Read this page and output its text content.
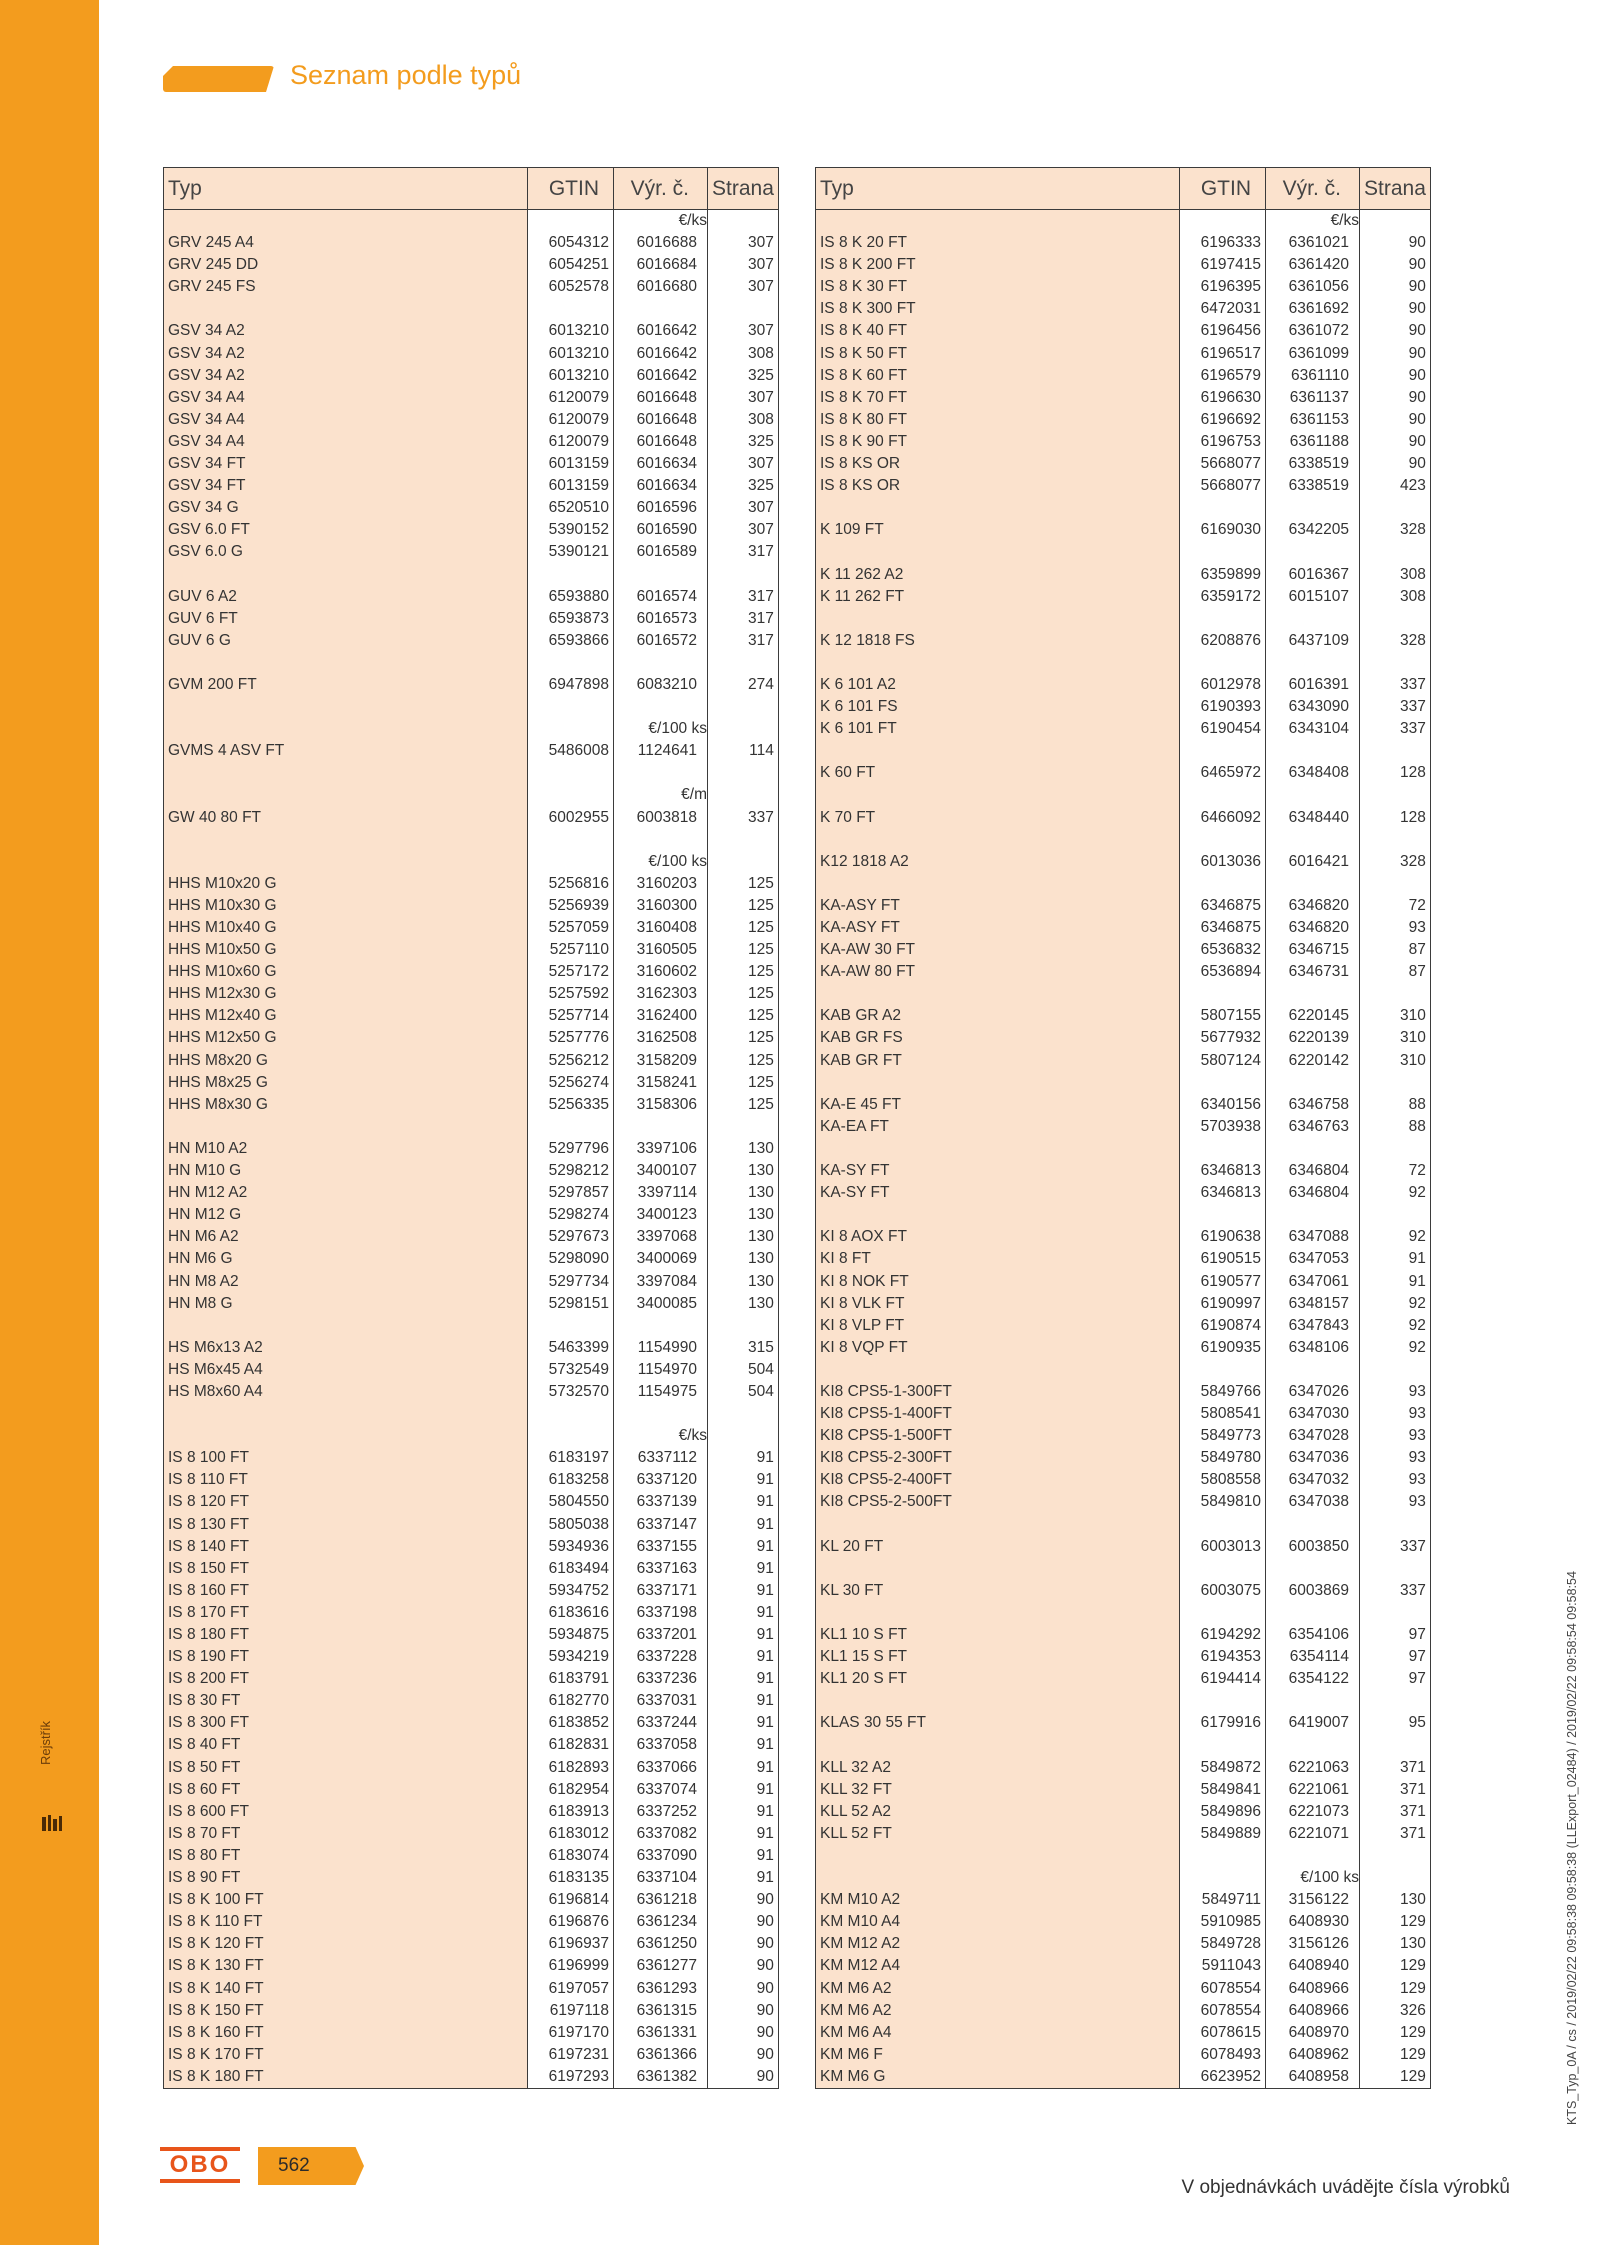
Rejstřík
Seznam podle typů
Typ	GTIN	Výr. č.	Strana
		€/ks	
GRV 245 A4	6054312	6016688	307
GRV 245 DD	6054251	6016684	307
GRV 245 FS	6052578	6016680	307

GSV 34 A2	6013210	6016642	307
GSV 34 A2	6013210	6016642	308
GSV 34 A2	6013210	6016642	325
GSV 34 A4	6120079	6016648	307
GSV 34 A4	6120079	6016648	308
GSV 34 A4	6120079	6016648	325
GSV 34 FT	6013159	6016634	307
GSV 34 FT	6013159	6016634	325
GSV 34 G	6520510	6016596	307
GSV 6.0 FT	5390152	6016590	307
GSV 6.0 G	5390121	6016589	317

GUV 6 A2	6593880	6016574	317
GUV 6 FT	6593873	6016573	317
GUV 6 G	6593866	6016572	317

GVM 200 FT	6947898	6083210	274

		€/100 ks	
GVMS 4 ASV FT	5486008	1124641	114

		€/m	
GW 40 80 FT	6002955	6003818	337

		€/100 ks	
HHS M10x20 G	5256816	3160203	125
HHS M10x30 G	5256939	3160300	125
HHS M10x40 G	5257059	3160408	125
HHS M10x50 G	5257110	3160505	125
HHS M10x60 G	5257172	3160602	125
HHS M12x30 G	5257592	3162303	125
HHS M12x40 G	5257714	3162400	125
HHS M12x50 G	5257776	3162508	125
HHS M8x20 G	5256212	3158209	125
HHS M8x25 G	5256274	3158241	125
HHS M8x30 G	5256335	3158306	125

HN M10 A2	5297796	3397106	130
HN M10 G	5298212	3400107	130
HN M12 A2	5297857	3397114	130
HN M12 G	5298274	3400123	130
HN M6 A2	5297673	3397068	130
HN M6 G	5298090	3400069	130
HN M8 A2	5297734	3397084	130
HN M8 G	5298151	3400085	130

HS M6x13 A2	5463399	1154990	315
HS M6x45 A4	5732549	1154970	504
HS M8x60 A4	5732570	1154975	504

		€/ks	
IS 8 100 FT	6183197	6337112	91
IS 8 110 FT	6183258	6337120	91
IS 8 120 FT	5804550	6337139	91
IS 8 130 FT	5805038	6337147	91
IS 8 140 FT	5934936	6337155	91
IS 8 150 FT	6183494	6337163	91
IS 8 160 FT	5934752	6337171	91
IS 8 170 FT	6183616	6337198	91
IS 8 180 FT	5934875	6337201	91
IS 8 190 FT	5934219	6337228	91
IS 8 200 FT	6183791	6337236	91
IS 8 30 FT	6182770	6337031	91
IS 8 300 FT	6183852	6337244	91
IS 8 40 FT	6182831	6337058	91
IS 8 50 FT	6182893	6337066	91
IS 8 60 FT	6182954	6337074	91
IS 8 600 FT	6183913	6337252	91
IS 8 70 FT	6183012	6337082	91
IS 8 80 FT	6183074	6337090	91
IS 8 90 FT	6183135	6337104	91
IS 8 K 100 FT	6196814	6361218	90
IS 8 K 110 FT	6196876	6361234	90
IS 8 K 120 FT	6196937	6361250	90
IS 8 K 130 FT	6196999	6361277	90
IS 8 K 140 FT	6197057	6361293	90
IS 8 K 150 FT	6197118	6361315	90
IS 8 K 160 FT	6197170	6361331	90
IS 8 K 170 FT	6197231	6361366	90
IS 8 K 180 FT	6197293	6361382	90
Typ	GTIN	Výr. č.	Strana
		€/ks	
IS 8 K 20 FT	6196333	6361021	90
IS 8 K 200 FT	6197415	6361420	90
IS 8 K 30 FT	6196395	6361056	90
IS 8 K 300 FT	6472031	6361692	90
IS 8 K 40 FT	6196456	6361072	90
IS 8 K 50 FT	6196517	6361099	90
IS 8 K 60 FT	6196579	6361110	90
IS 8 K 70 FT	6196630	6361137	90
IS 8 K 80 FT	6196692	6361153	90
IS 8 K 90 FT	6196753	6361188	90
IS 8 KS OR	5668077	6338519	90
IS 8 KS OR	5668077	6338519	423

K 109 FT	6169030	6342205	328

K 11 262 A2	6359899	6016367	308
K 11 262 FT	6359172	6015107	308

K 12 1818 FS	6208876	6437109	328

K 6 101 A2	6012978	6016391	337
K 6 101 FS	6190393	6343090	337
K 6 101 FT	6190454	6343104	337

K 60 FT	6465972	6348408	128

K 70 FT	6466092	6348440	128

K12 1818 A2	6013036	6016421	328

KA-ASY FT	6346875	6346820	72
KA-ASY FT	6346875	6346820	93
KA-AW 30 FT	6536832	6346715	87
KA-AW 80 FT	6536894	6346731	87

KAB GR A2	5807155	6220145	310
KAB GR FS	5677932	6220139	310
KAB GR FT	5807124	6220142	310

KA-E 45 FT	6340156	6346758	88
KA-EA FT	5703938	6346763	88

KA-SY FT	6346813	6346804	72
KA-SY FT	6346813	6346804	92

KI 8 AOX FT	6190638	6347088	92
KI 8 FT	6190515	6347053	91
KI 8 NOK FT	6190577	6347061	91
KI 8 VLK FT	6190997	6348157	92
KI 8 VLP FT	6190874	6347843	92
KI 8 VQP FT	6190935	6348106	92

KI8 CPS5-1-300FT	5849766	6347026	93
KI8 CPS5-1-400FT	5808541	6347030	93
KI8 CPS5-1-500FT	5849773	6347028	93
KI8 CPS5-2-300FT	5849780	6347036	93
KI8 CPS5-2-400FT	5808558	6347032	93
KI8 CPS5-2-500FT	5849810	6347038	93

KL 20 FT	6003013	6003850	337

KL 30 FT	6003075	6003869	337

KL1 10 S FT	6194292	6354106	97
KL1 15 S FT	6194353	6354114	97
KL1 20 S FT	6194414	6354122	97

KLAS 30 55 FT	6179916	6419007	95

KLL 32 A2	5849872	6221063	371
KLL 32 FT	5849841	6221061	371
KLL 52 A2	5849896	6221073	371
KLL 52 FT	5849889	6221071	371

		€/100 ks	
KM M10 A2	5849711	3156122	130
KM M10 A4	5910985	6408930	129
KM M12 A2	5849728	3156126	130
KM M12 A4	5911043	6408940	129
KM M6 A2	6078554	6408966	129
KM M6 A2	6078554	6408966	326
KM M6 A4	6078615	6408970	129
KM M6 F	6078493	6408962	129
KM M6 G	6623952	6408958	129
OBO	562
V objednávkách uvádějte čísla výrobků
KTS_Typ_0A / cs / 2019/02/22 09:58:38 09:58:38 (LLExport_02484) / 2019/02/22 09:58:54 09:58:54
